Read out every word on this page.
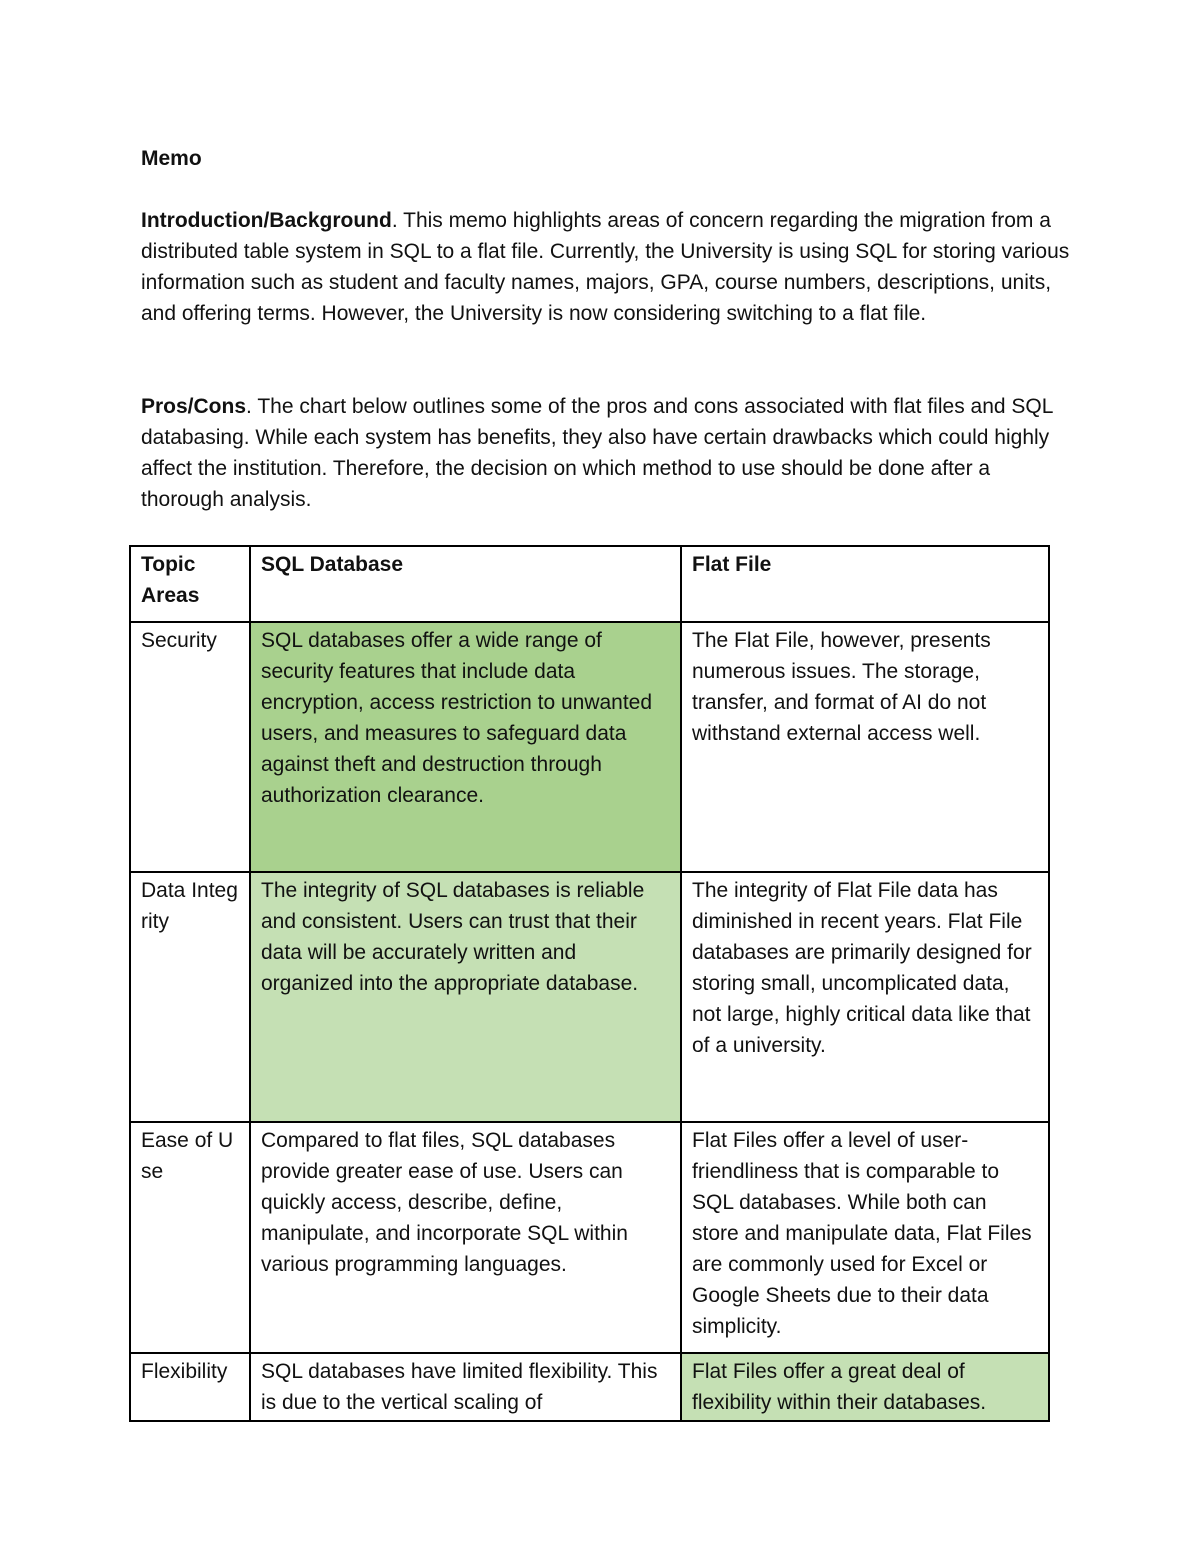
Memo

Introduction/Background. This memo highlights areas of concern regarding the migration from a distributed table system in SQL to a flat file. Currently, the University is using SQL for storing various information such as student and faculty names, majors, GPA, course numbers, descriptions, units, and offering terms. However, the University is now considering switching to a flat file.

Pros/Cons. The chart below outlines some of the pros and cons associated with flat files and SQL databasing. While each system has benefits, they also have certain drawbacks which could highly affect the institution. Therefore, the decision on which method to use should be done after a thorough analysis.

Topic Areas	SQL Database	Flat File
Security	SQL databases offer a wide range of security features that include data encryption, access restriction to unwanted users, and measures to safeguard data against theft and destruction through authorization clearance.	The Flat File, however, presents numerous issues. The storage, transfer, and format of AI do not withstand external access well.
Data Integrity	The integrity of SQL databases is reliable and consistent. Users can trust that their data will be accurately written and organized into the appropriate database.	The integrity of Flat File data has diminished in recent years. Flat File databases are primarily designed for storing small, uncomplicated data, not large, highly critical data like that of a university.
Ease of Use	Compared to flat files, SQL databases provide greater ease of use. Users can quickly access, describe, define, manipulate, and incorporate SQL within various programming languages.	Flat Files offer a level of user-friendliness that is comparable to SQL databases. While both can store and manipulate data, Flat Files are commonly used for Excel or Google Sheets due to their data simplicity.
Flexibility	SQL databases have limited flexibility. This is due to the vertical scaling of	Flat Files offer a great deal of flexibility within their databases.
